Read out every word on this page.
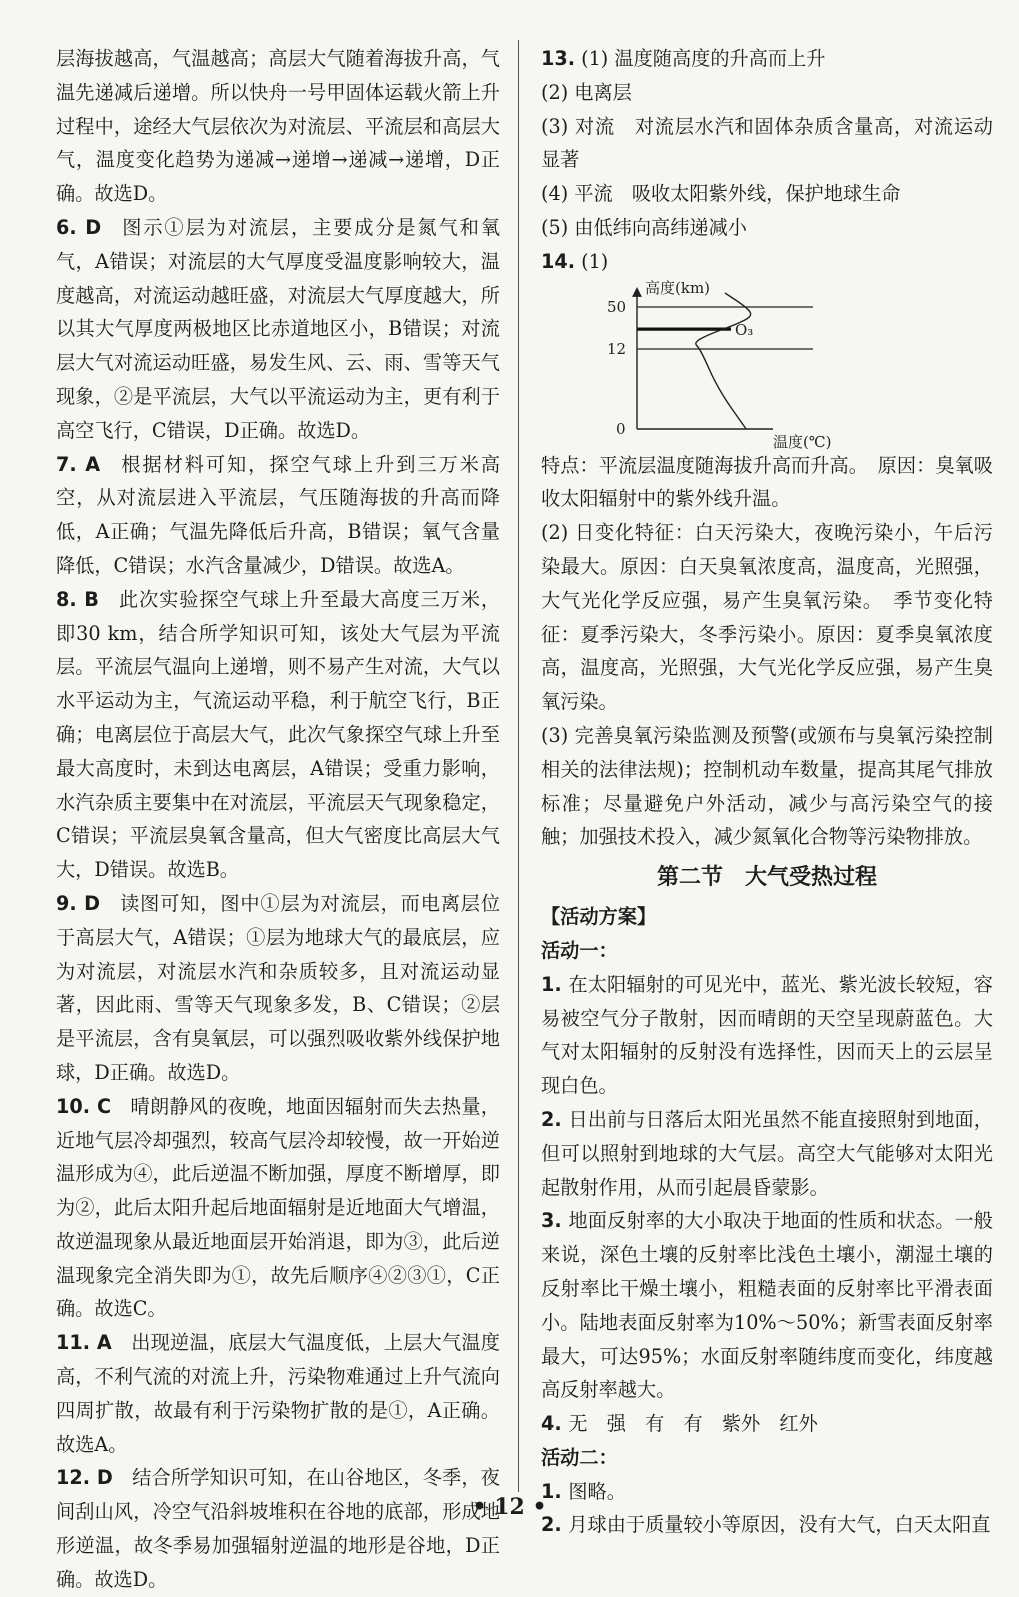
层海拔越高，气温越高；高层大气随着海拔升高，气温先递减后递增。所以快舟一号甲固体运载火箭上升过程中，途经大气层依次为对流层、平流层和高层大气，温度变化趋势为递减→递增→递减→递增，D正确。故选D。

6. D 图示①层为对流层，主要成分是氮气和氧气，A错误；对流层的大气厚度受温度影响较大，温度越高，对流运动越旺盛，对流层大气厚度越大，所以其大气厚度两极地区比赤道地区小，B错误；对流层大气对流运动旺盛，易发生风、云、雨、雪等天气现象，②是平流层，大气以平流运动为主，更有利于高空飞行，C错误，D正确。故选D。

7. A 根据材料可知，探空气球上升到三万米高空，从对流层进入平流层，气压随海拔的升高而降低，A正确；气温先降低后升高，B错误；氧气含量降低，C错误；水汽含量减少，D错误。故选A。

8. B 此次实验探空气球上升至最大高度三万米，即30 km，结合所学知识可知，该处大气层为平流层。平流层气温向上递增，则不易产生对流，大气以水平运动为主，气流运动平稳，利于航空飞行，B正确；电离层位于高层大气，此次气象探空气球上升至最大高度时，未到达电离层，A错误；受重力影响，水汽杂质主要集中在对流层，平流层天气现象稳定，C错误；平流层臭氧含量高，但大气密度比高层大气大，D错误。故选B。

9. D 读图可知，图中①层为对流层，而电离层位于高层大气，A错误；①层为地球大气的最底层，应为对流层，对流层水汽和杂质较多，且对流运动显著，因此雨、雪等天气现象多发，B、C错误；②层是平流层，含有臭氧层，可以强烈吸收紫外线保护地球，D正确。故选D。

10. C 晴朗静风的夜晚，地面因辐射而失去热量，近地气层冷却强烈，较高气层冷却较慢，故一开始逆温形成为④，此后逆温不断加强，厚度不断增厚，即为②，此后太阳升起后地面辐射是近地面大气增温，故逆温现象从最近地面层开始消退，即为③，此后逆温现象完全消失即为①，故先后顺序④②③①，C正确。故选C。

11. A 出现逆温，底层大气温度低，上层大气温度高，不利气流的对流上升，污染物难通过上升气流向四周扩散，故最有利于污染物扩散的是①，A正确。故选A。

12. D 结合所学知识可知，在山谷地区，冬季，夜间刮山风，冷空气沿斜坡堆积在谷地的底部，形成地形逆温，故冬季易加强辐射逆温的地形是谷地，D正确。故选D。

13. (1) 温度随高度的升高而上升

(2) 电离层

(3) 对流　对流层水汽和固体杂质含量高，对流运动显著

(4) 平流　吸收太阳紫外线，保护地球生命

(5) 由低纬向高纬递减小

14. (1)

高度(km)
0
12
50
O₃
温度(℃)

特点：平流层温度随海拔升高而升高。　原因：臭氧吸收太阳辐射中的紫外线升温。

(2) 日变化特征：白天污染大，夜晚污染小，午后污染最大。原因：白天臭氧浓度高，温度高，光照强，大气光化学反应强，易产生臭氧污染。　季节变化特征：夏季污染大，冬季污染小。原因：夏季臭氧浓度高，温度高，光照强，大气光化学反应强，易产生臭氧污染。

(3) 完善臭氧污染监测及预警(或颁布与臭氧污染控制相关的法律法规)；控制机动车数量，提高其尾气排放标准；尽量避免户外活动，减少与高污染空气的接触；加强技术投入，减少氮氧化合物等污染物排放。

第二节　大气受热过程

【活动方案】

活动一：

1. 在太阳辐射的可见光中，蓝光、紫光波长较短，容易被空气分子散射，因而晴朗的天空呈现蔚蓝色。大气对太阳辐射的反射没有选择性，因而天上的云层呈现白色。

2. 日出前与日落后太阳光虽然不能直接照射到地面，但可以照射到地球的大气层。高空大气能够对太阳光起散射作用，从而引起晨昏蒙影。

3. 地面反射率的大小取决于地面的性质和状态。一般来说，深色土壤的反射率比浅色土壤小，潮湿土壤的反射率比干燥土壤小，粗糙表面的反射率比平滑表面小。陆地表面反射率为10%～50%；新雪表面反射率最大，可达95%；水面反射率随纬度而变化，纬度越高反射率越大。

4. 无　强　有　有　紫外　红外

活动二：

1. 图略。

2. 月球由于质量较小等原因，没有大气，白天太阳直

• 12 •
